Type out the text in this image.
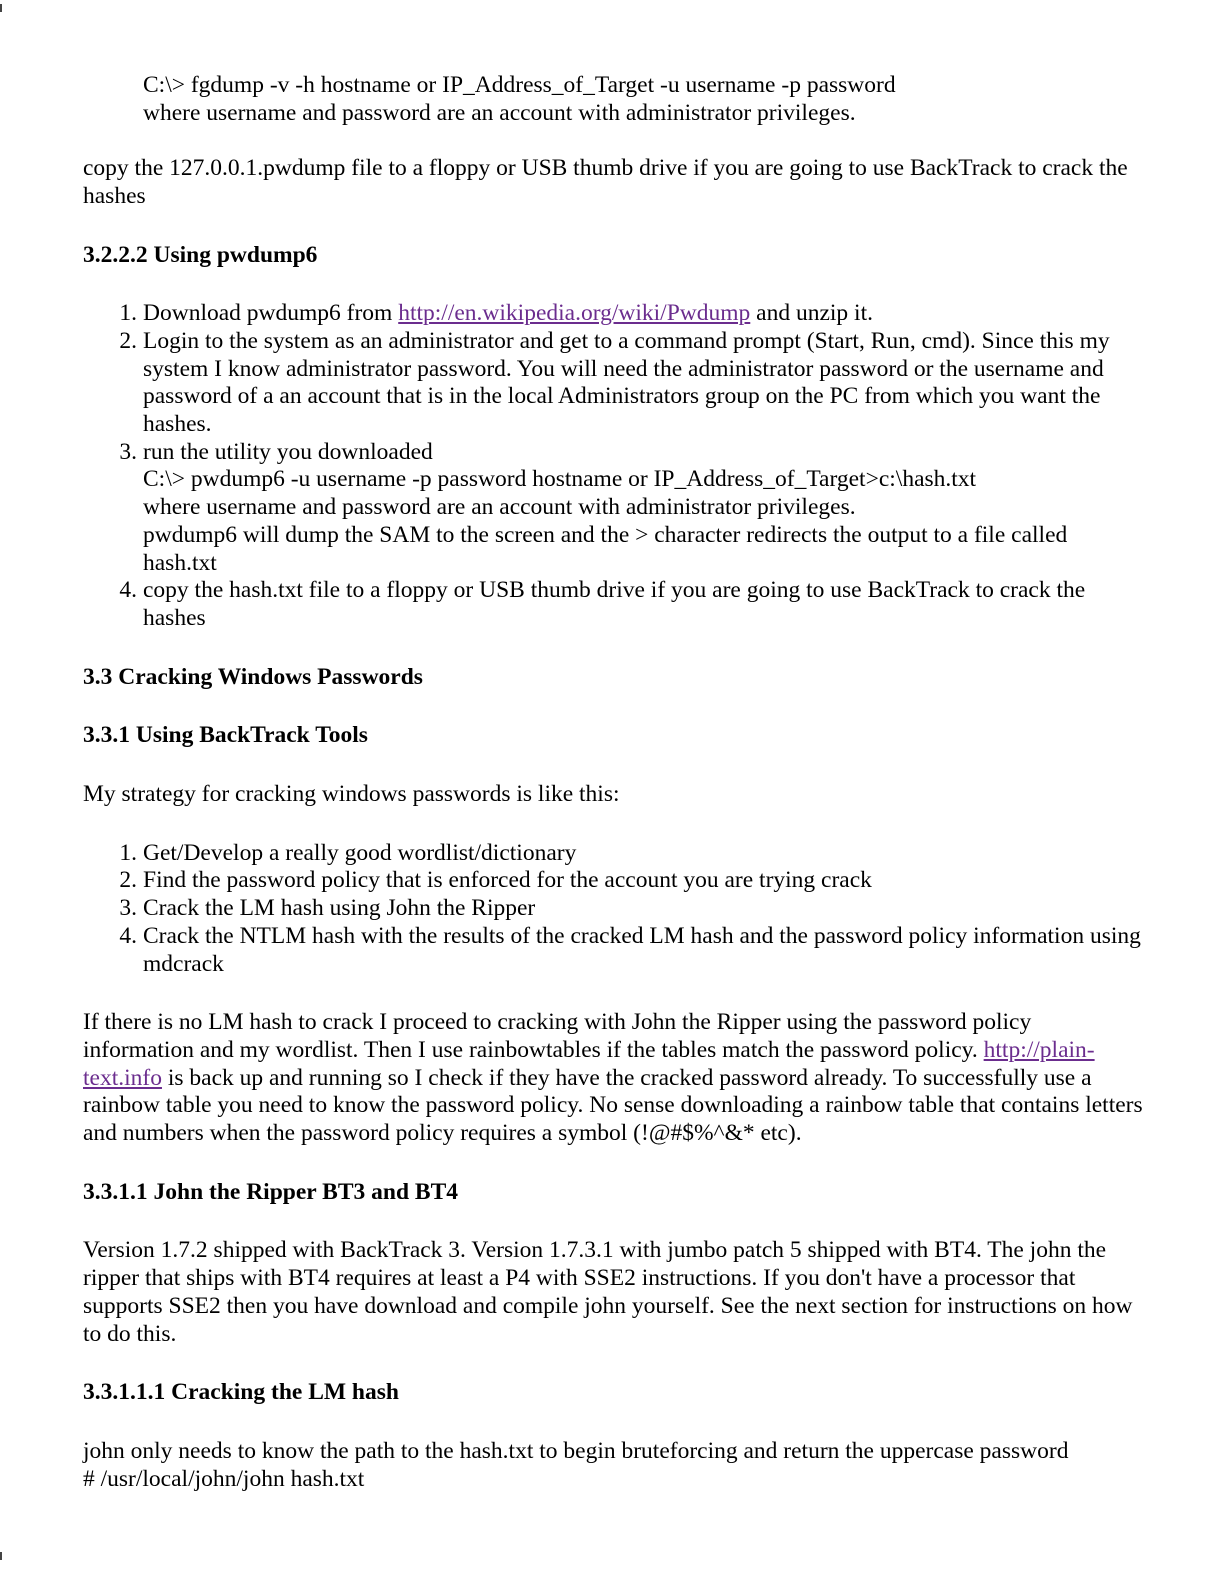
C:\> fgdump -v -h hostname or IP_Address_of_Target -u username -p password

where username and password are an account with administrator privileges.

copy the 127.0.0.1.pwdump file to a floppy or USB thumb drive if you are going to use BackTrack to crack the hashes

3.2.2.2 Using pwdump6
1. Download pwdump6 from http://en.wikipedia.org/wiki/Pwdump and unzip it.
2. Login to the system as an administrator and get to a command prompt (Start, Run, cmd). Since this my system I know administrator password. You will need the administrator password or the username and password of a an account that is in the local Administrators group on the PC from which you want the hashes.
3. run the utility you downloaded

C:\> pwdump6 -u username -p password hostname or IP_Address_of_Target>c:\hash.txt

where username and password are an account with administrator privileges.

pwdump6 will dump the SAM to the screen and the > character redirects the output to a file called hash.txt

4. copy the hash.txt file to a floppy or USB thumb drive if you are going to use BackTrack to crack the hashes
3.3 Cracking Windows Passwords
3.3.1 Using BackTrack Tools

My strategy for cracking windows passwords is like this:

1. Get/Develop a really good wordlist/dictionary
2. Find the password policy that is enforced for the account you are trying crack
3. Crack the LM hash using John the Ripper
4. Crack the NTLM hash with the results of the cracked LM hash and the password policy information using mdcrack

If there is no LM hash to crack I proceed to cracking with John the Ripper using the password policy information and my wordlist. Then I use rainbowtables if the tables match the password policy. http://plain-text.info is back up and running so I check if they have the cracked password already. To successfully use a rainbow table you need to know the password policy. No sense downloading a rainbow table that contains letters and numbers when the password policy requires a symbol (!@#$%^&* etc).

3.3.1.1 John the Ripper BT3 and BT4

Version 1.7.2 shipped with BackTrack 3. Version 1.7.3.1 with jumbo patch 5 shipped with BT4. The john the ripper that ships with BT4 requires at least a P4 with SSE2 instructions. If you don't have a processor that supports SSE2 then you have download and compile john yourself. See the next section for instructions on how to do this.

3.3.1.1.1 Cracking the LM hash

john only needs to know the path to the hash.txt to begin bruteforcing and return the uppercase password

# /usr/local/john/john hash.txt
